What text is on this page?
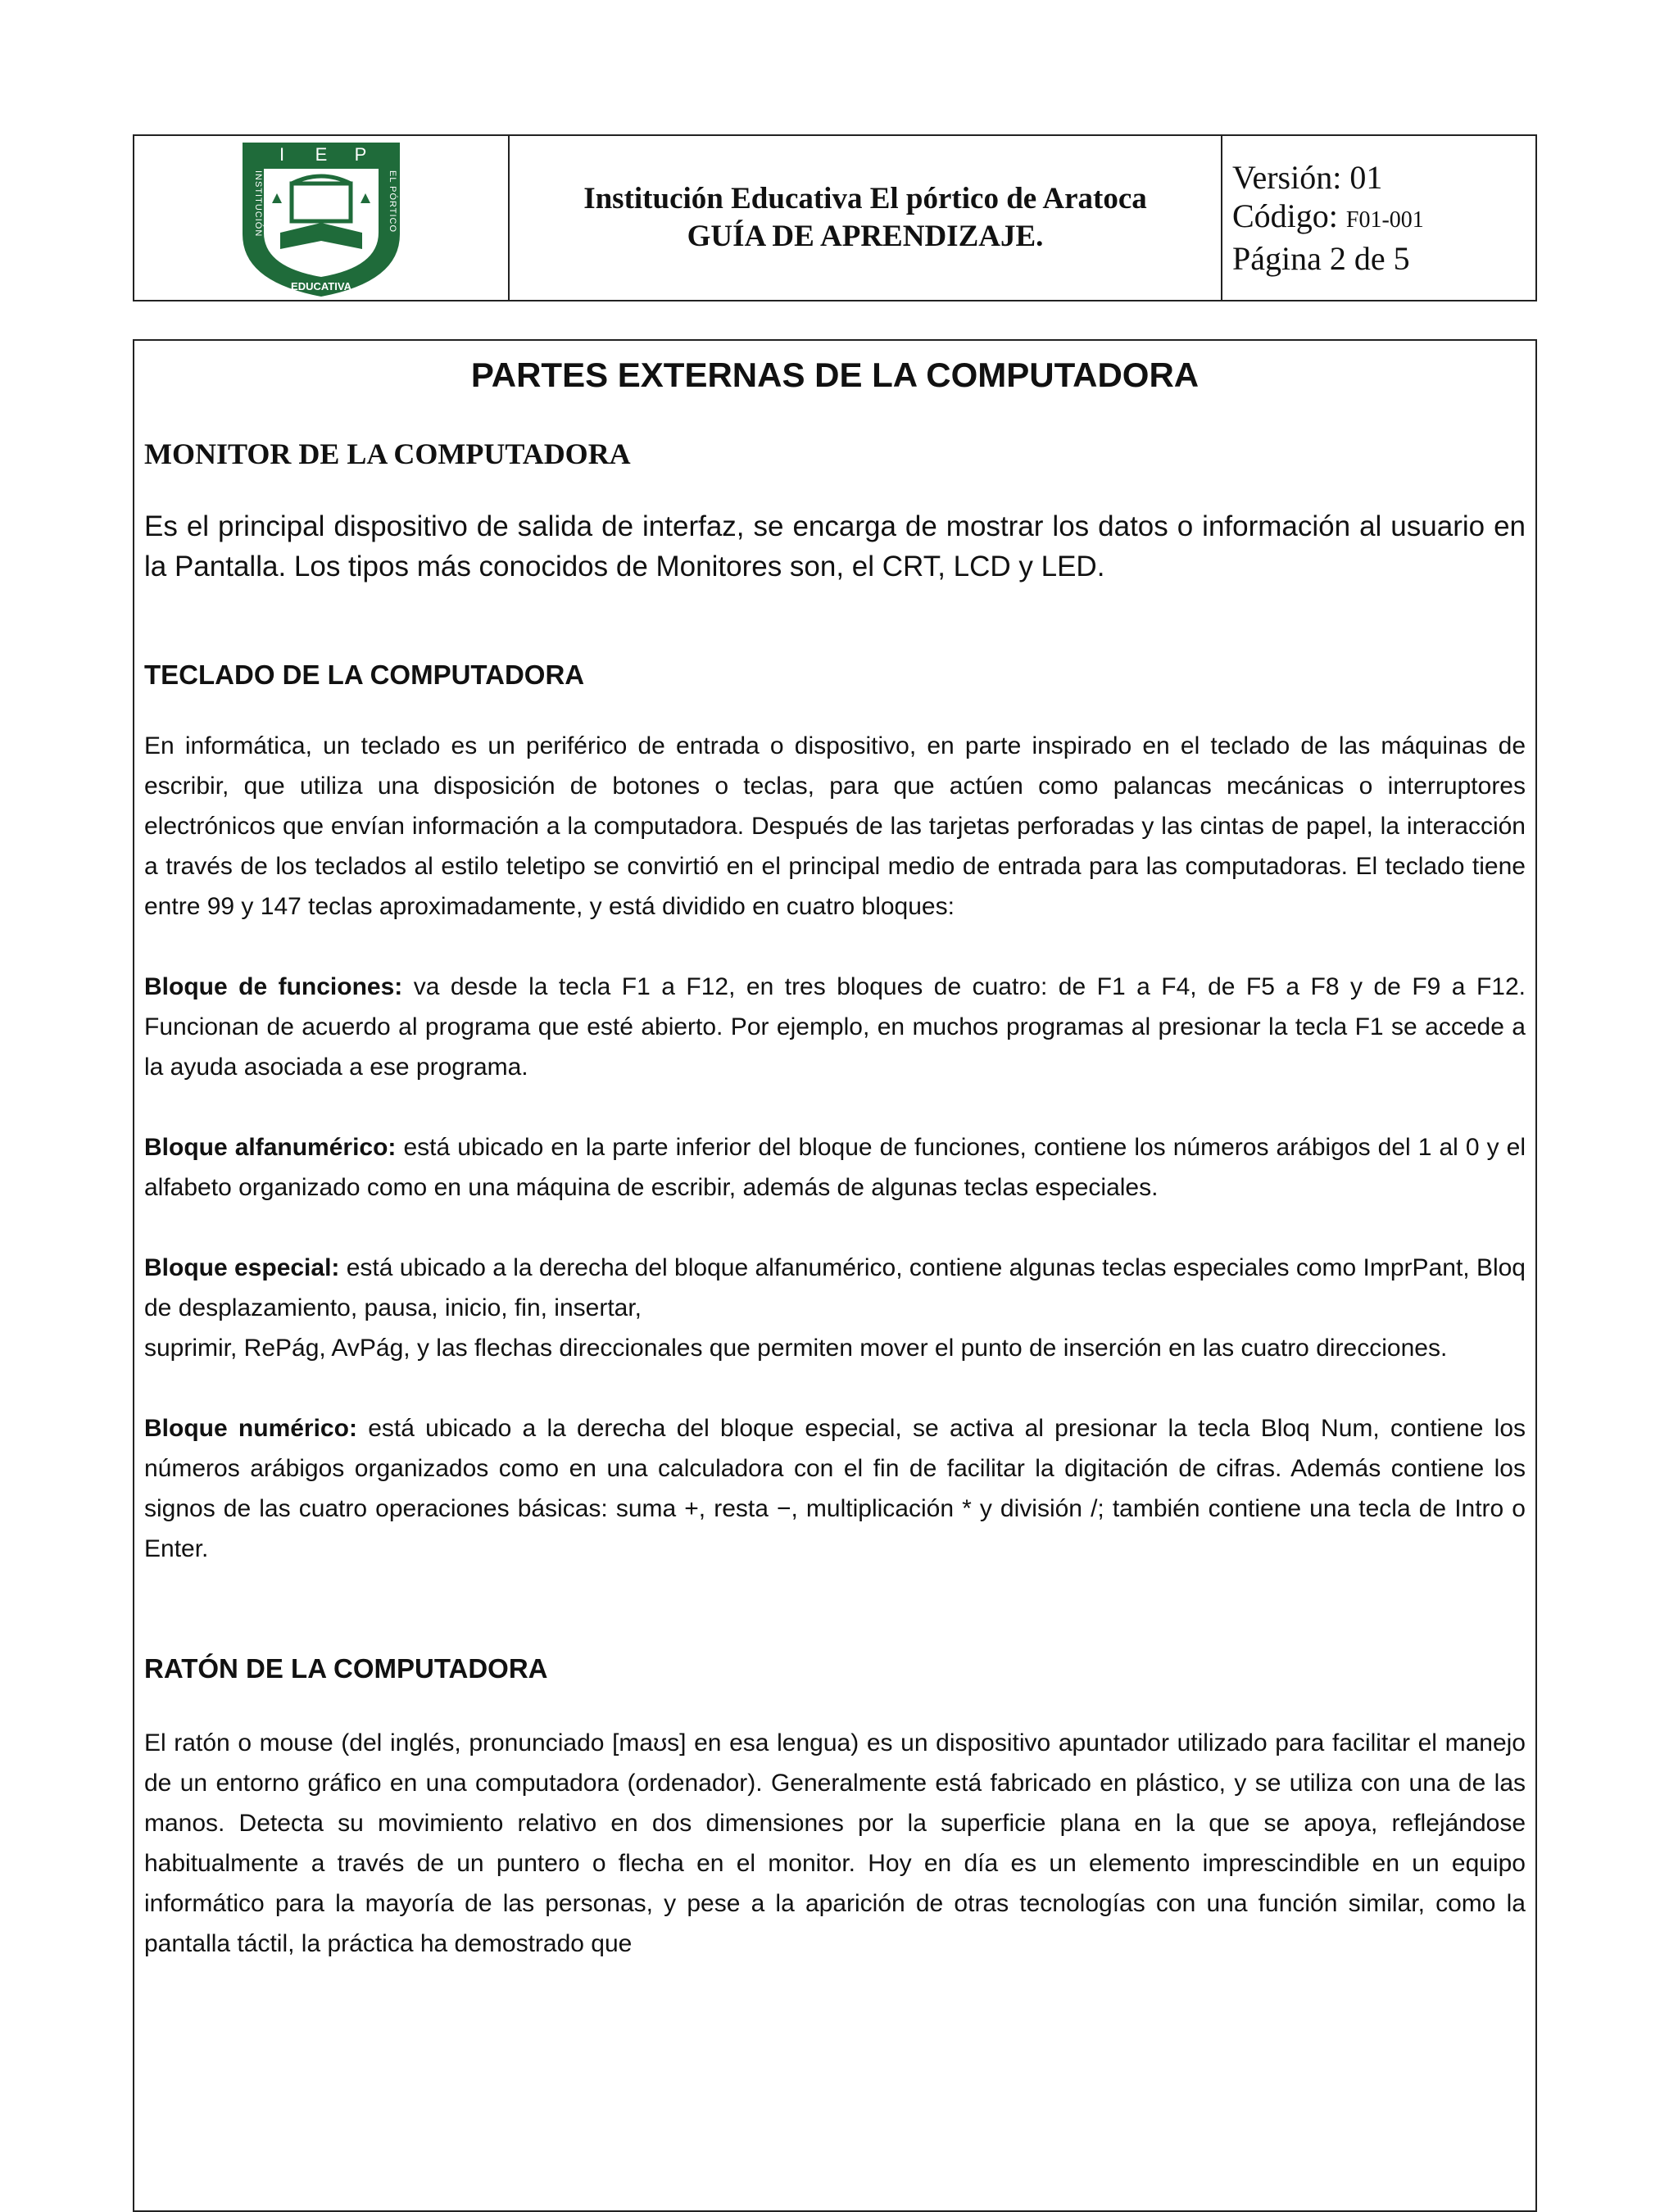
I E P
INSTITUCIÓN	EL PÓRTICO
EDUCATIVA
Institución Educativa El pórtico de Aratoca
GUÍA DE APRENDIZAJE.
Versión: 01
Código: F01-001
Página 2 de 5
PARTES EXTERNAS DE LA COMPUTADORA
MONITOR DE LA COMPUTADORA

Es el principal dispositivo de salida de interfaz, se encarga de mostrar los datos o información al usuario en la Pantalla. Los tipos más conocidos de Monitores son, el CRT, LCD y LED.

TECLADO DE LA COMPUTADORA

En informática, un teclado es un periférico de entrada o dispositivo, en parte inspirado en el teclado de las máquinas de escribir, que utiliza una disposición de botones o teclas, para que actúen como palancas mecánicas o interruptores electrónicos que envían información a la computadora. Después de las tarjetas perforadas y las cintas de papel, la interacción a través de los teclados al estilo teletipo se convirtió en el principal medio de entrada para las computadoras. El teclado tiene entre 99 y 147 teclas aproximadamente, y está dividido en cuatro bloques:

Bloque de funciones: va desde la tecla F1 a F12, en tres bloques de cuatro: de F1 a F4, de F5 a F8 y de F9 a F12. Funcionan de acuerdo al programa que esté abierto. Por ejemplo, en muchos programas al presionar la tecla F1 se accede a la ayuda asociada a ese programa.

Bloque alfanumérico: está ubicado en la parte inferior del bloque de funciones, contiene los números arábigos del 1 al 0 y el alfabeto organizado como en una máquina de escribir, además de algunas teclas especiales.

Bloque especial: está ubicado a la derecha del bloque alfanumérico, contiene algunas teclas especiales como ImprPant, Bloq de desplazamiento, pausa, inicio, fin, insertar,

suprimir, RePág, AvPág, y las flechas direccionales que permiten mover el punto de inserción en las cuatro direcciones.

Bloque numérico: está ubicado a la derecha del bloque especial, se activa al presionar la tecla Bloq Num, contiene los números arábigos organizados como en una calculadora con el fin de facilitar la digitación de cifras. Además contiene los signos de las cuatro operaciones básicas: suma +, resta −, multiplicación * y división /; también contiene una tecla de Intro o Enter.

RATÓN DE LA COMPUTADORA

El ratón o mouse (del inglés, pronunciado [maʊs] en esa lengua) es un dispositivo apuntador utilizado para facilitar el manejo de un entorno gráfico en una computadora (ordenador). Generalmente está fabricado en plástico, y se utiliza con una de las manos. Detecta su movimiento relativo en dos dimensiones por la superficie plana en la que se apoya, reflejándose habitualmente a través de un puntero o flecha en el monitor. Hoy en día es un elemento imprescindible en un equipo informático para la mayoría de las personas, y pese a la aparición de otras tecnologías con una función similar, como la pantalla táctil, la práctica ha demostrado que
